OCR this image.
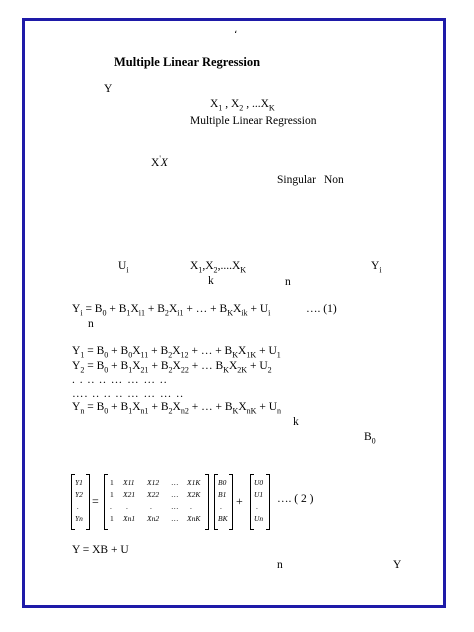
،
Multiple Linear Regression
Y
$X_1$ , $X_2$ , $...X_K$
Multiple Linear Regression
X'X
Singular Non
$U_i$	$X_1,X_2,....X_K$	$Y_i$
k	n
$Y_i = B_0 + B_1X_{i1} + B_2X_{i1}$ + … + $B_KX_{ik} + U_i$	…. (1)
n
$Y_1 = B_0 + B_0X_{11} + B_2X_{12}$ + … + $B_KX_{1K} + U_1$
$Y_2 = B_0 + B_1X_{21} + B_2X_{22}$ + … $B_KX_{2K} + U_2$
. . .. .. … … … ..
…. .. .. .. … … … ..
$Y_n = B_0 + B_1X_{n1} + B_2X_{n2}$ + … + $B_KX_{nK} + U_n$
k
$B_0$
Y1
Y2
.
Yn
=
1 X11 X12 … X1K
1 X21 X22 … X2K
. .	.	… .
1 Xn1 Xn2 … XnK
B0
B1
.
BK
+
U0
U1
.
Un
…. ( 2 )
Y = XB + U
n	Y
